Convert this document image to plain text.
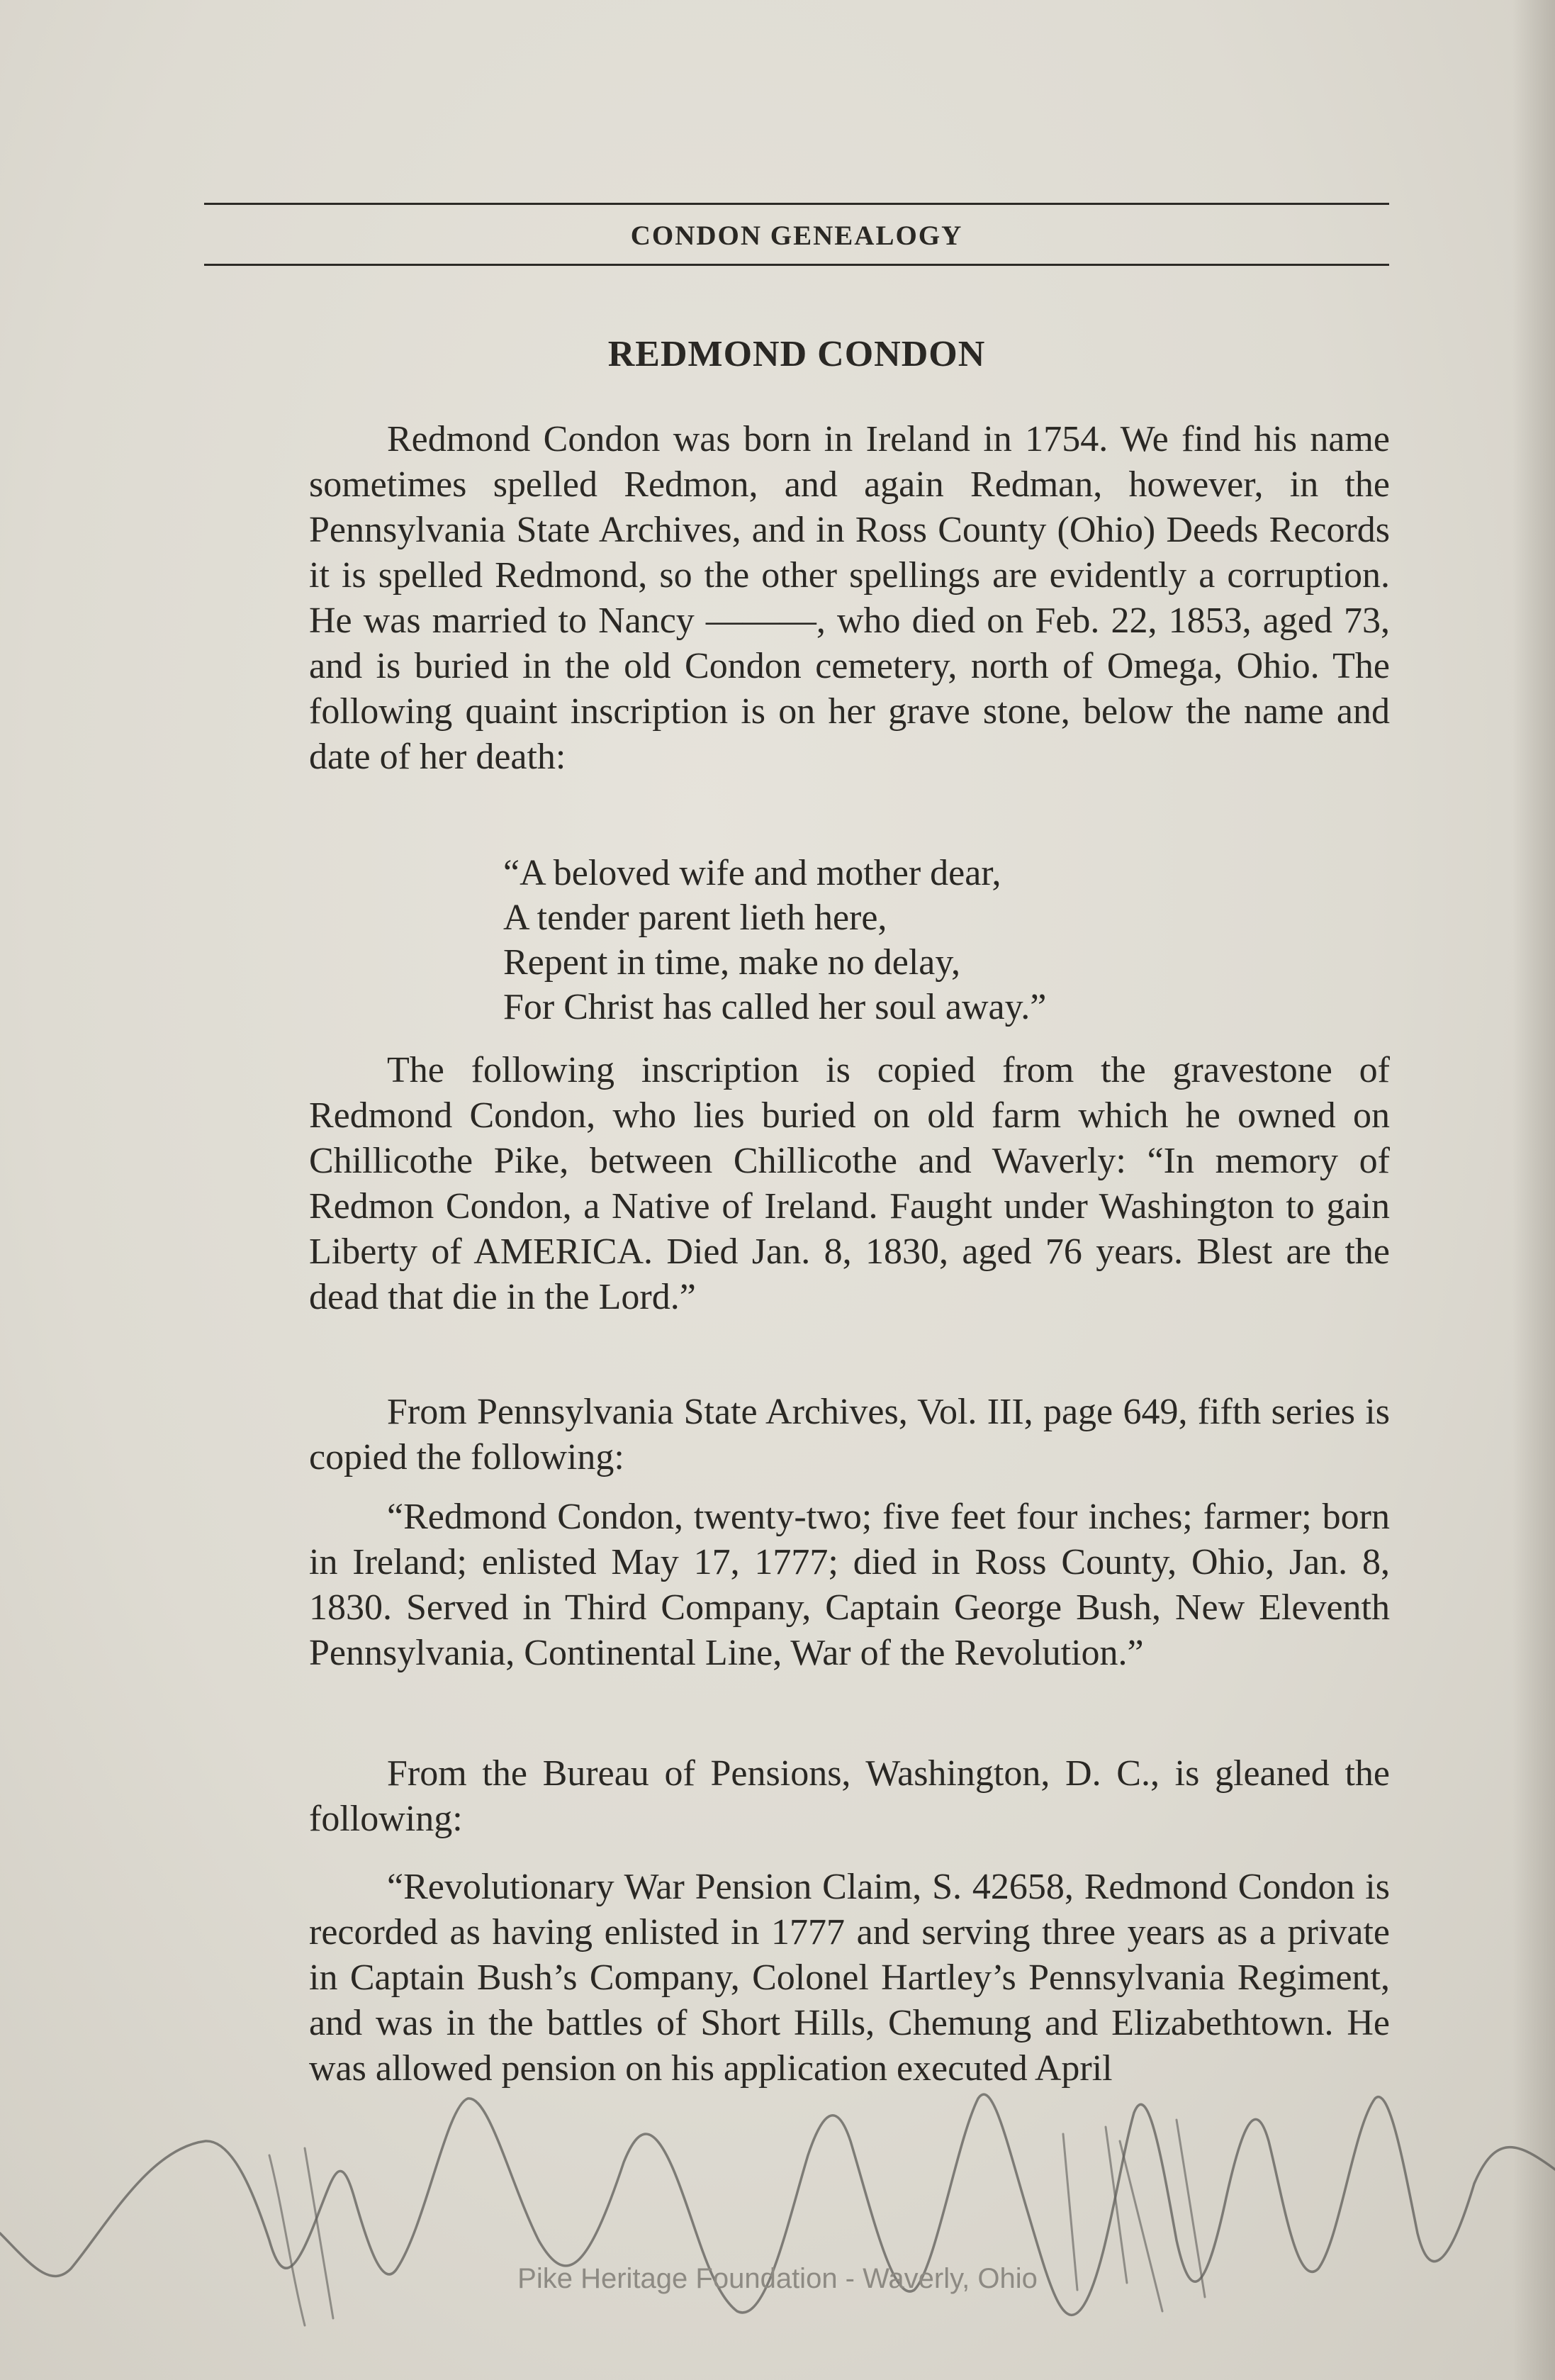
CONDON GENEALOGY
REDMOND CONDON

Redmond Condon was born in Ireland in 1754. We find his name sometimes spelled Redmon, and again Redman, however, in the Pennsylvania State Archives, and in Ross County (Ohio) Deeds Records it is spelled Redmond, so the other spellings are evidently a corruption. He was married to Nancy ———, who died on Feb. 22, 1853, aged 73, and is buried in the old Condon cemetery, north of Omega, Ohio. The following quaint inscription is on her grave stone, below the name and date of her death:

“A beloved wife and mother dear,
A tender parent lieth here,
Repent in time, make no delay,
For Christ has called her soul away.”

The following inscription is copied from the gravestone of Redmond Condon, who lies buried on old farm which he owned on Chillicothe Pike, between Chillicothe and Waverly: “In memory of Redmon Condon, a Native of Ireland. Faught under Washington to gain Liberty of AMERICA. Died Jan. 8, 1830, aged 76 years. Blest are the dead that die in the Lord.”

From Pennsylvania State Archives, Vol. III, page 649, fifth series is copied the following:

“Redmond Condon, twenty-two; five feet four inches; farmer; born in Ireland; enlisted May 17, 1777; died in Ross County, Ohio, Jan. 8, 1830. Served in Third Company, Captain George Bush, New Eleventh Pennsylvania, Continental Line, War of the Revolution.”

From the Bureau of Pensions, Washington, D. C., is gleaned the following:

“Revolutionary War Pension Claim, S. 42658, Redmond Condon is recorded as having enlisted in 1777 and serving three years as a private in Captain Bush’s Company, Colonel Hartley’s Pennsylvania Regiment, and was in the battles of Short Hills, Chemung and Elizabethtown. He was allowed pension on his application executed April

Pike Heritage Foundation - Waverly, Ohio
